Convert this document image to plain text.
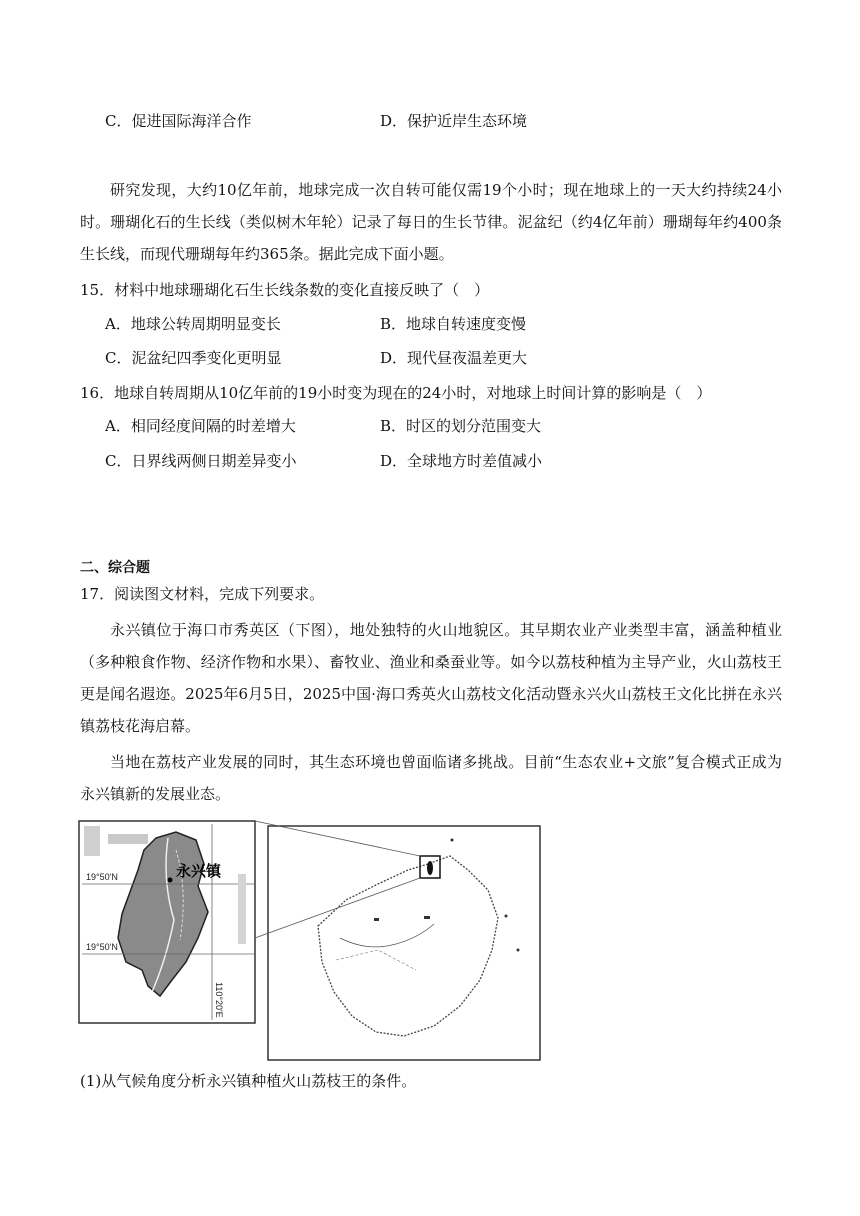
C．促进国际海洋合作	D．保护近岸生态环境
研究发现，大约10亿年前，地球完成一次自转可能仅需19个小时；现在地球上的一天大约持续24小时。珊瑚化石的生长线（类似树木年轮）记录了每日的生长节律。泥盆纪（约4亿年前）珊瑚每年约400条生长线，而现代珊瑚每年约365条。据此完成下面小题。
15．材料中地球珊瑚化石生长线条数的变化直接反映了（　）
A．地球公转周期明显变长	B．地球自转速度变慢
C．泥盆纪四季变化更明显	D．现代昼夜温差更大
16．地球自转周期从10亿年前的19小时变为现在的24小时，对地球上时间计算的影响是（　）
A．相同经度间隔的时差增大	B．时区的划分范围变大
C．日界线两侧日期差异变小	D．全球地方时差值减小
二、综合题
17．阅读图文材料，完成下列要求。
永兴镇位于海口市秀英区（下图），地处独特的火山地貌区。其早期农业产业类型丰富，涵盖种植业（多种粮食作物、经济作物和水果）、畜牧业、渔业和桑蚕业等。如今以荔枝种植为主导产业，火山荔枝王更是闻名遐迩。2025年6月5日，2025中国·海口秀英火山荔枝文化活动暨永兴火山荔枝王文化比拼在永兴镇荔枝花海启幕。
当地在荔枝产业发展的同时，其生态环境也曾面临诸多挑战。目前“生态农业+文旅”复合模式正成为永兴镇新的发展业态。
19°50'N
19°50'N
110°20'E
永兴镇
(1)从气候角度分析永兴镇种植火山荔枝王的条件。
